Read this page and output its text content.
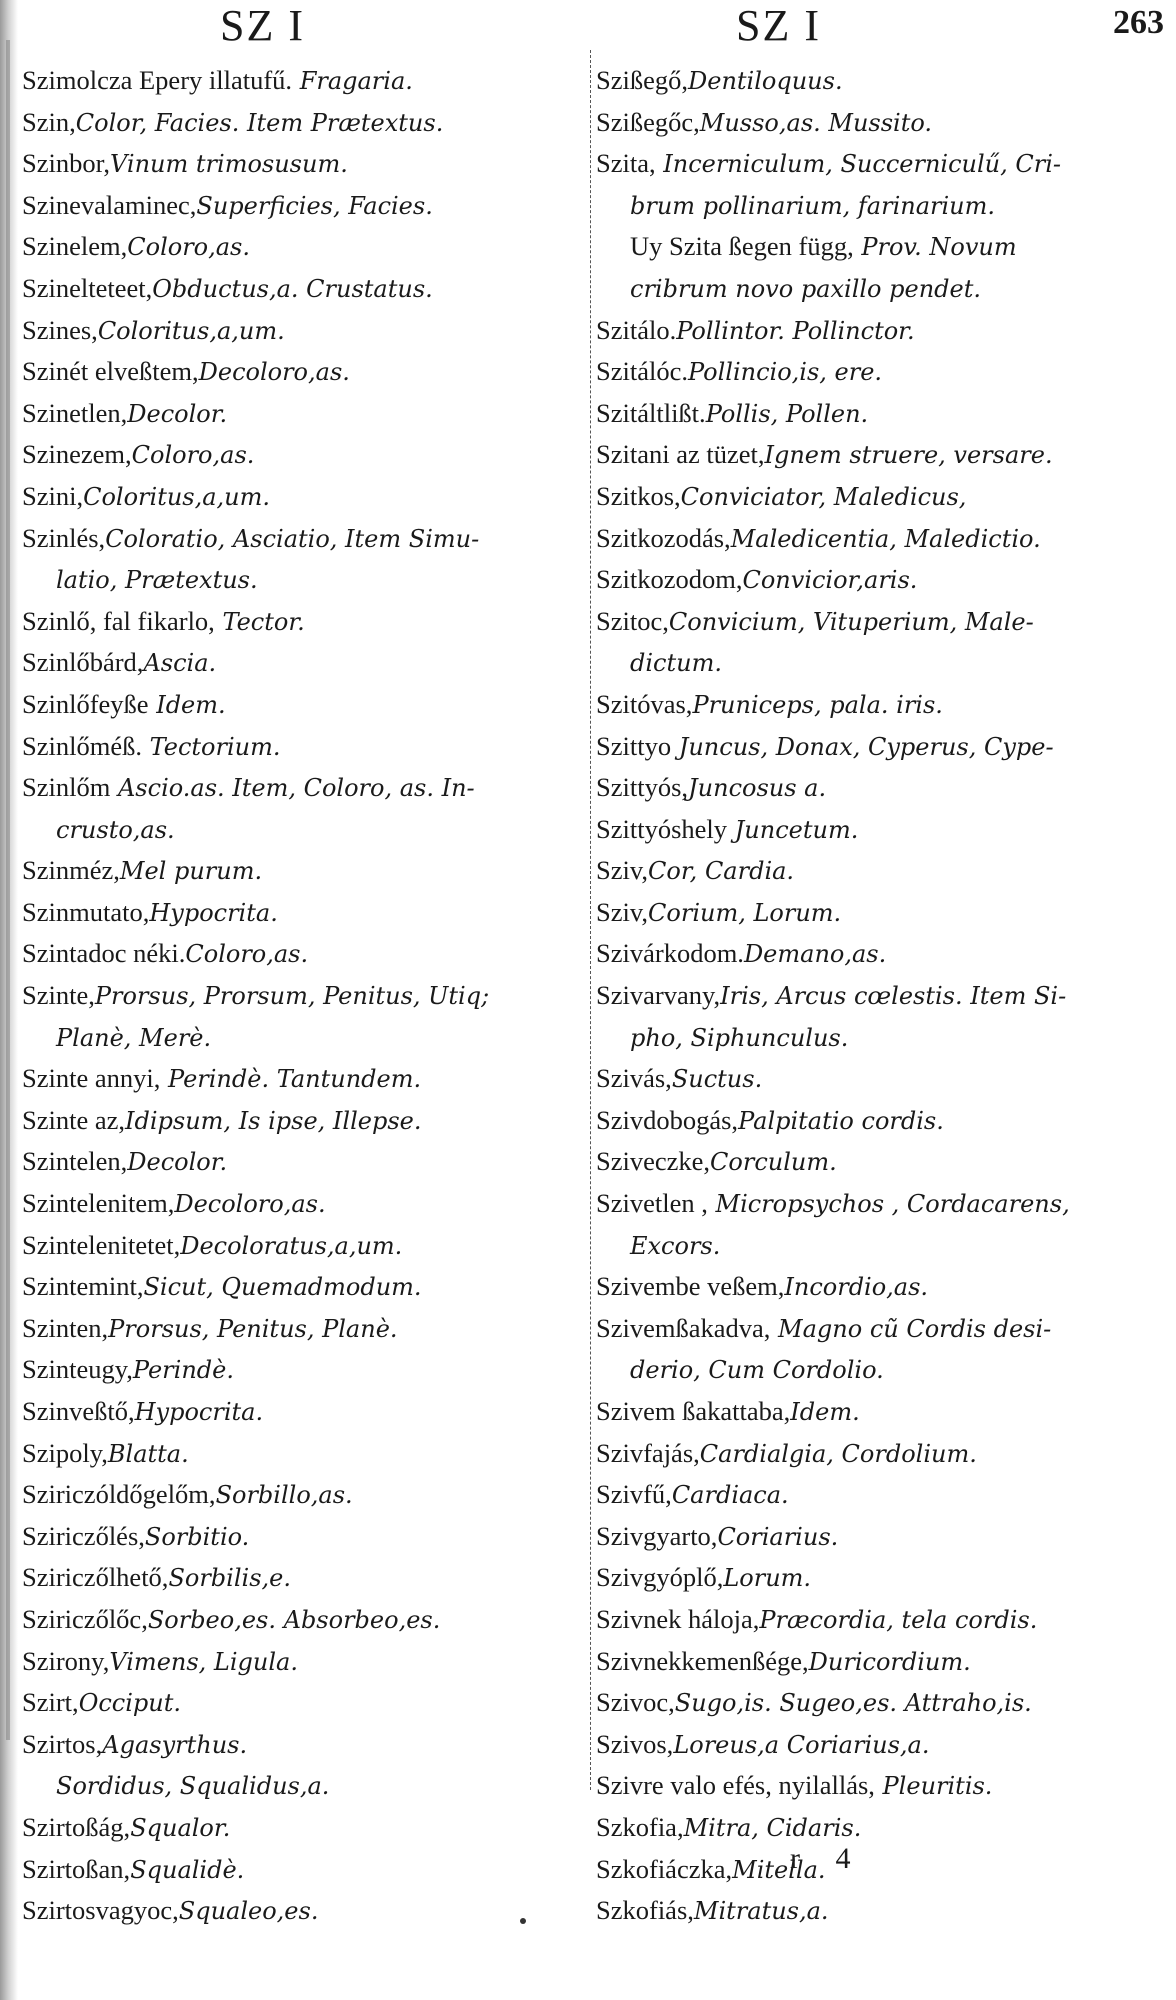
SZ I	SZ I	263
Szimolcza Epery illatufű. Fragaria.
Szin,Color, Facies. Item Prætextus.
Szinbor,Vinum trimosusum.
Szinevalaminec,Superficies, Facies.
Szinelem,Coloro,as.
Szinelteteet,Obductus,a. Crustatus.
Szines,Coloritus,a,um.
Szinét elveßtem,Decoloro,as.
Szinetlen,Decolor.
Szinezem,Coloro,as.
Szini,Coloritus,a,um.
Szinlés,Coloratio, Asciatio, Item Simu-
latio, Prætextus.
Szinlő, fal fikarlo, Tector.
Szinlőbárd,Ascia.
Szinlőfeyße Idem.
Szinlőméß. Tectorium.
Szinlőm Ascio.as. Item, Coloro, as. In-
crusto,as.
Szinméz,Mel purum.
Szinmutato,Hypocrita.
Szintadoc néki.Coloro,as.
Szinte,Prorsus, Prorsum, Penitus, Utiq;
Planè, Merè.
Szinte annyi, Perindè. Tantundem.
Szinte az,Idipsum, Is ipse, Illepse.
Szintelen,Decolor.
Szintelenitem,Decoloro,as.
Szintelenitetet,Decoloratus,a,um.
Szintemint,Sicut, Quemadmodum.
Szinten,Prorsus, Penitus, Planè.
Szinteugy,Perindè.
Szinveßtő,Hypocrita.
Szipoly,Blatta.
Sziriczóldőgelőm,Sorbillo,as.
Sziriczőlés,Sorbitio.
Sziriczőlhető,Sorbilis,e.
Sziriczőlőc,Sorbeo,es. Absorbeo,es.
Szirony,Vimens, Ligula.
Szirt,Occiput.
Szirtos,Agasyrthus.
Sordidus, Squalidus,a.
Szirtoßág,Squalor.
Szirtoßan,Squalidè.
Szirtosvagyoc,Squaleo,es.
Szißegő,Dentiloquus.
Szißegőc,Musso,as. Mussito.
Szita, Incerniculum, Succerniculű, Cri-
brum pollinarium, farinarium.
Uy Szita ßegen függ, Prov. Novum
cribrum novo paxillo pendet.
Szitálo.Pollintor. Pollinctor.
Szitálóc.Pollincio,is, ere.
Szitáltlißt.Pollis, Pollen.
Szitani az tüzet,Ignem struere, versare.
Szitkos,Conviciator, Maledicus,
Szitkozodás,Maledicentia, Maledictio.
Szitkozodom,Convicior,aris.
Szitoc,Convicium, Vituperium, Male-
dictum.
Szitóvas,Pruniceps, pala. iris.
Szittyo Juncus, Donax, Cyperus, Cype-
Szittyós,Juncosus a.
Szittyóshely Juncetum.
Sziv,Cor, Cardia.
Sziv,Corium, Lorum.
Szivárkodom.Demano,as.
Szivarvany,Iris, Arcus cœlestis. Item Si-
pho, Siphunculus.
Szivás,Suctus.
Szivdobogás,Palpitatio cordis.
Sziveczke,Corculum.
Szivetlen , Micropsychos , Cordacarens,
Excors.
Szivembe veßem,Incordio,as.
Szivemßakadva, Magno cũ Cordis desi-
derio, Cum Cordolio.
Szivem ßakattaba,Idem.
Szivfajás,Cardialgia, Cordolium.
Szivfű,Cardiaca.
Szivgyarto,Coriarius.
Szivgyóplő,Lorum.
Szivnek háloja,Præcordia, tela cordis.
Szivnekkemenßége,Duricordium.
Szivoc,Sugo,is. Sugeo,es. Attraho,is.
Szivos,Loreus,a Coriarius,a.
Szivre valo efés, nyilallás, Pleuritis.
Szkofia,Mitra, Cidaris.
Szkofiáczka,Mitella.
Szkofiás,Mitratus,a.
r 4
